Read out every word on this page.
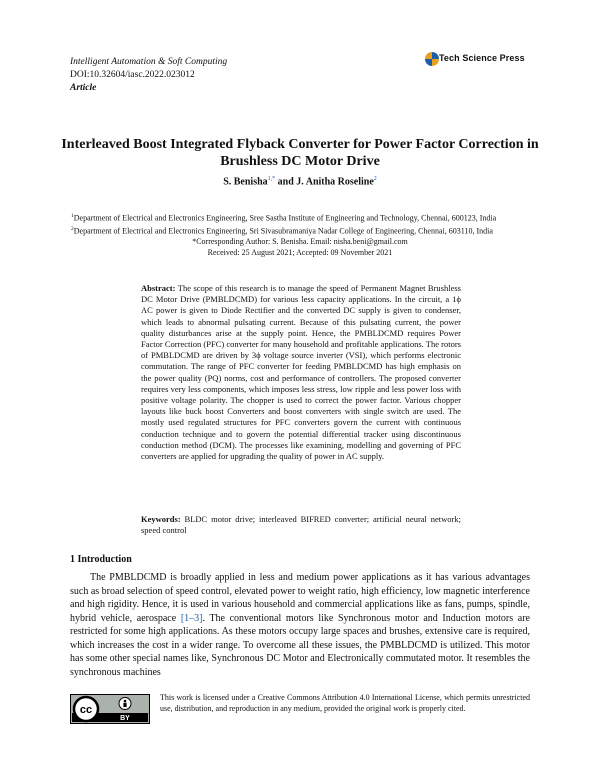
Intelligent Automation & Soft Computing
DOI:10.32604/iasc.2022.023012
Article
Tech Science Press
Interleaved Boost Integrated Flyback Converter for Power Factor Correction in Brushless DC Motor Drive
S. Benisha$^{1,*}$ and J. Anitha Roseline$^2$
$^1$Department of Electrical and Electronics Engineering, Sree Sastha Institute of Engineering and Technology, Chennai, 600123, India
$^2$Department of Electrical and Electronics Engineering, Sri Sivasubramaniya Nadar College of Engineering, Chennai, 603110, India
*Corresponding Author: S. Benisha. Email: nisha.beni@gmail.com
Received: 25 August 2021; Accepted: 09 November 2021
Abstract: The scope of this research is to manage the speed of Permanent Magnet Brushless DC Motor Drive (PMBLDCMD) for various less capacity applications. In the circuit, a 1ϕ AC power is given to Diode Rectifier and the converted DC supply is given to condenser, which leads to abnormal pulsating current. Because of this pulsating current, the power quality disturbances arise at the supply point. Hence, the PMBLDCMD requires Power Factor Correction (PFC) converter for many household and profitable applications. The rotors of PMBLDCMD are driven by 3ϕ voltage source inverter (VSI), which performs electronic commutation. The range of PFC converter for feeding PMBLDCMD has high emphasis on the power quality (PQ) norms, cost and performance of controllers. The proposed converter requires very less components, which imposes less stress, low ripple and less power loss with positive voltage polarity. The chopper is used to correct the power factor. Various chopper layouts like buck boost Converters and boost converters with single switch are used. The mostly used regulated structures for PFC converters govern the current with continuous conduction technique and to govern the potential differential tracker using discontinuous conduction method (DCM). The processes like examining, modelling and governing of PFC converters are applied for upgrading the quality of power in AC supply.
Keywords: BLDC motor drive; interleaved BIFRED converter; artificial neural network; speed control
1 Introduction
The PMBLDCMD is broadly applied in less and medium power applications as it has various advantages such as broad selection of speed control, elevated power to weight ratio, high efficiency, low magnetic interference and high rigidity. Hence, it is used in various household and commercial applications like as fans, pumps, spindle, hybrid vehicle, aerospace [1–3]. The conventional motors like Synchronous motor and Induction motors are restricted for some high applications. As these motors occupy large spaces and brushes, extensive care is required, which increases the cost in a wider range. To overcome all these issues, the PMBLDCMD is utilized. This motor has some other special names like, Synchronous DC Motor and Electronically commutated motor. It resembles the synchronous machines
cc
BY
This work is licensed under a Creative Commons Attribution 4.0 International License, which permits unrestricted use, distribution, and reproduction in any medium, provided the original work is properly cited.
